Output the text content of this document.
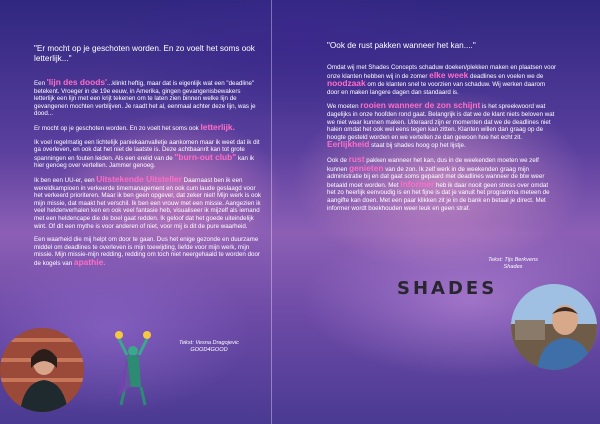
"Er mocht op je geschoten worden. En zo voelt het soms ook letterlijk..."

Een 'lijn des doods'...klinkt heftig, maar dat is eigenlijk wat een "deadline" betekent. Vroeger in de 19e eeuw, in Amerika, gingen gevangenisbewakers letterlijk een lijn met een krijt tekenen om te laten zien binnen welke lijn de gevangenen mochten verblijven. Je raadt het al, eenmaal achter deze lijn, was je dood...

Er mocht op je geschoten worden. En zo voelt het soms ook letterlijk.

Ik voel regelmatig een lichtelijk paniekaanvalletje aankomen maar ik weet dat ik dit ga overleven, en ook dat het niet de laatste is. Deze achtbaanrit kan tot grote spanningen en fouten leiden. Als een erelid van de "burn-out club" kan ik hier genoeg over vertellen. Jammer genoeg.

Ik ben een UU-er, een Uitstekende Uitsteller Daarnaast ben ik een wereldkampioen in verkeerde timemanagement en ook cum laude geslaagd voor het verkeerd prioriteren. Maar ik ben geen opgever, dat zeker niet! Mijn werk is ook mijn missie, dat maakt het verschil. Ik ben een vrouw met een missie. Aangezien ik veel heldenverhalen ken en ook veel fantasie heb, visualiseer ik mijzelf als iemand met een heldencape die de boel gaat redden. Ik geloof dat het goede uiteindelijk wint. Of dit een mythe is voor anderen of niet, voor mij is dit de pure waarheid.

Een waarheid die mij helpt om door te gaan. Dus het enige gezonde en duurzame middel om deadlines te overleven is mijn toewijding, liefde voor mijn werk, mijn missie. Mijn missie-mijn redding, redding om toch niet neergehaald te worden door de kogels van apathie.

Tekst: Vesna Dragojevic
GOOD4GOOD

"Ook de rust pakken wanneer het kan...."

Omdat wij met Shades Concepts schaduw doeken/plekken maken en plaatsen voor onze klanten hebben wij in de zomer elke week deadlines en voelen we de noodzaak om de klanten snel te voorzien van schaduw. Wij werken daarom door en maken langere dagen dan standaard is.

We moeten rooien wanneer de zon schijnt is het spreekwoord wat dagelijks in onze hoofden rond gaat. Belangrijk is dat we de klant niets beloven wat we niet waar kunnen maken. Uiteraard zijn er momenten dat we de deadlines niet halen omdat het ook wel eens tegen kan zitten. Klanten willen dan graag op de hoogte gesteld worden en we vertellen ze dan gewoon hoe het echt zit. Eerlijkheid staat bij shades hoog op het lijstje.

Ook de rust pakken wanneer het kan, dus in de weekenden moeten we zelf kunnen genieten van de zon. Ik zelf werk in de weekenden graag mijn administratie bij en dat gaat soms gepaard met deadlines wanneer de btw weer betaald moet worden. Met informer heb ik daar nooit geen stress over omdat het zo heerlijk eenvoudig is en het fijne is dat je vanuit het programma meteen de aangifte kan doen. Met een paar klikken zit je in de bank en betaal je direct. Met informer wordt boekhouden weer leuk en geen straf.

Tekst: Tijs Berkvens
Shades
SHADES
